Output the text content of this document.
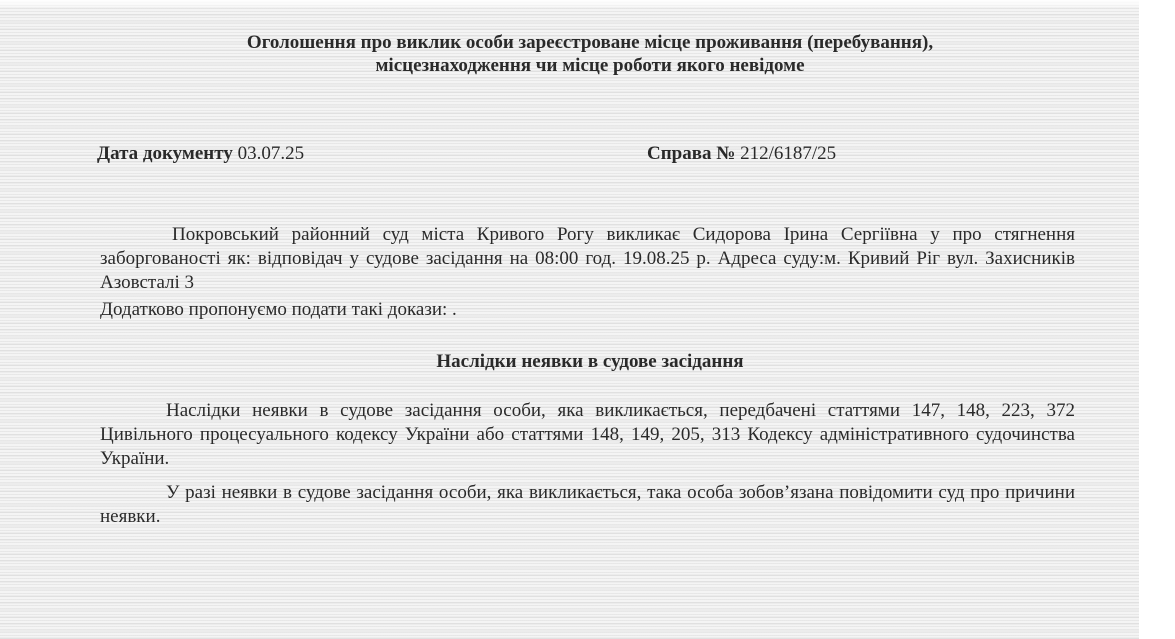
Оголошення про виклик особи зареєстроване місце проживання (перебування),
місцезнаходження чи місце роботи якого невідоме
Дата документу 03.07.25	Справа № 212/6187/25

Покровський районний суд міста Кривого Рогу викликає Сидорова Ірина Сергіївна у про стягнення заборгованості як: відповідач у судове засідання на 08:00 год. 19.08.25 р. Адреса суду:м. Кривий Ріг вул. Захисників Азовсталі 3

Додатково пропонуємо подати такі докази: .

Наслідки неявки в судове засідання

Наслідки неявки в судове засідання особи, яка викликається, передбачені статтями 147, 148, 223, 372 Цивільного процесуального кодексу України або статтями 148, 149, 205, 313 Кодексу адміністративного судочинства України.

У разі неявки в судове засідання особи, яка викликається, така особа зобов’язана повідомити суд про причини неявки.
